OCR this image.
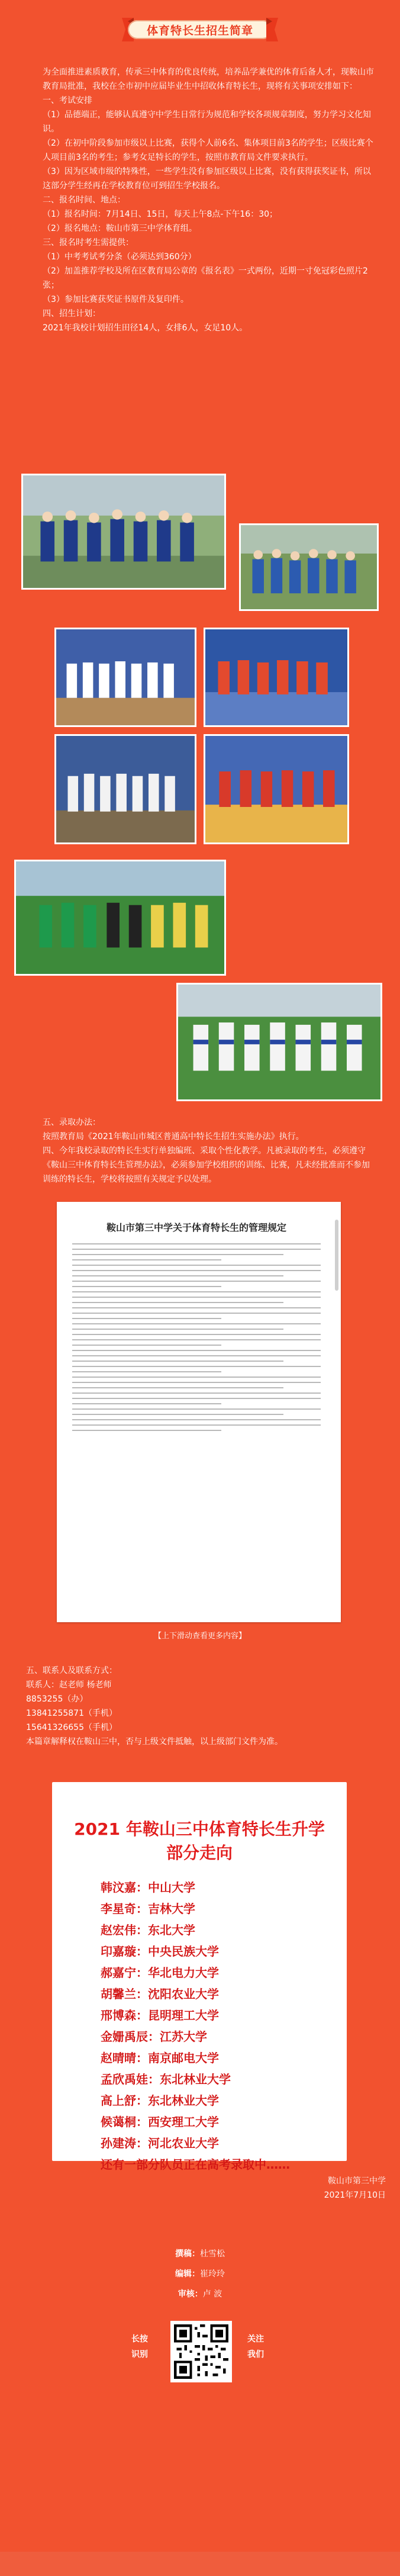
体育特长生招生简章

为全面推进素质教育，传承三中体育的优良传统，培养品学兼优的体育后备人才，现鞍山市教育局批准，我校在全市初中应届毕业生中招收体育特长生，现将有关事项安排如下：

一、考试安排

（1）品德端正，能够认真遵守中学生日常行为规范和学校各项规章制度，努力学习文化知识。

（2）在初中阶段参加市级以上比赛，获得个人前6名、集体项目前3名的学生；区级比赛个人项目前3名的考生；参考女足特长的学生，按照市教育局文件要求执行。

（3）因为区域市级的特殊性，一些学生没有参加区级以上比赛，没有获得获奖证书，所以这部分学生经再在学校教育位可到招生学校报名。

二、报名时间、地点：

（1）报名时间：7月14日、15日，每天上午8点-下午16：30；

（2）报名地点：鞍山市第三中学体育组。

三、报名时考生需提供：

（1）中考考试考分条（必须达到360分）

（2）加盖推荐学校及所在区教育局公章的《报名表》一式两份，近期一寸免冠彩色照片2张；

（3）参加比赛获奖证书原件及复印件。

四、招生计划：

2021年我校计划招生田径14人，女排6人，女足10人。

五、录取办法：

按照教育局《2021年鞍山市城区普通高中特长生招生实施办法》执行。

四、今年我校录取的特长生实行单独编班、采取个性化教学。凡被录取的考生，必须遵守《鞍山三中体育特长生管理办法》，必须参加学校组织的训练、比赛，凡未经批准而不参加训练的特长生，学校将按照有关规定予以处理。

鞍山市第三中学关于体育特长生的管理规定
【上下滑动查看更多内容】

五、联系人及联系方式：

联系人：赵老师 杨老师

8853255（办）

13841255871（手机）

15641326655（手机）

本篇章解释权在鞍山三中，否与上级文件抵触，以上级部门文件为准。

2021 年鞍山三中体育特长生升学
部分走向
韩汶嘉：中山大学
李星奇：吉林大学
赵宏伟：东北大学
印嘉璇：中央民族大学
郝嘉宁：华北电力大学
胡馨兰：沈阳农业大学
邢博森：昆明理工大学
金姗禹辰：江苏大学
赵晴晴：南京邮电大学
孟欣禹娃：东北林业大学
高上舒：东北林业大学
候蔼桐：西安理工大学
孙建涛：河北农业大学
还有一部分队员正在高考录取中……

鞍山市第三中学

2021年7月10日

撰稿：杜雪松

编辑：崔玲玲

审核：卢 波

长按
识别
关注
我们
